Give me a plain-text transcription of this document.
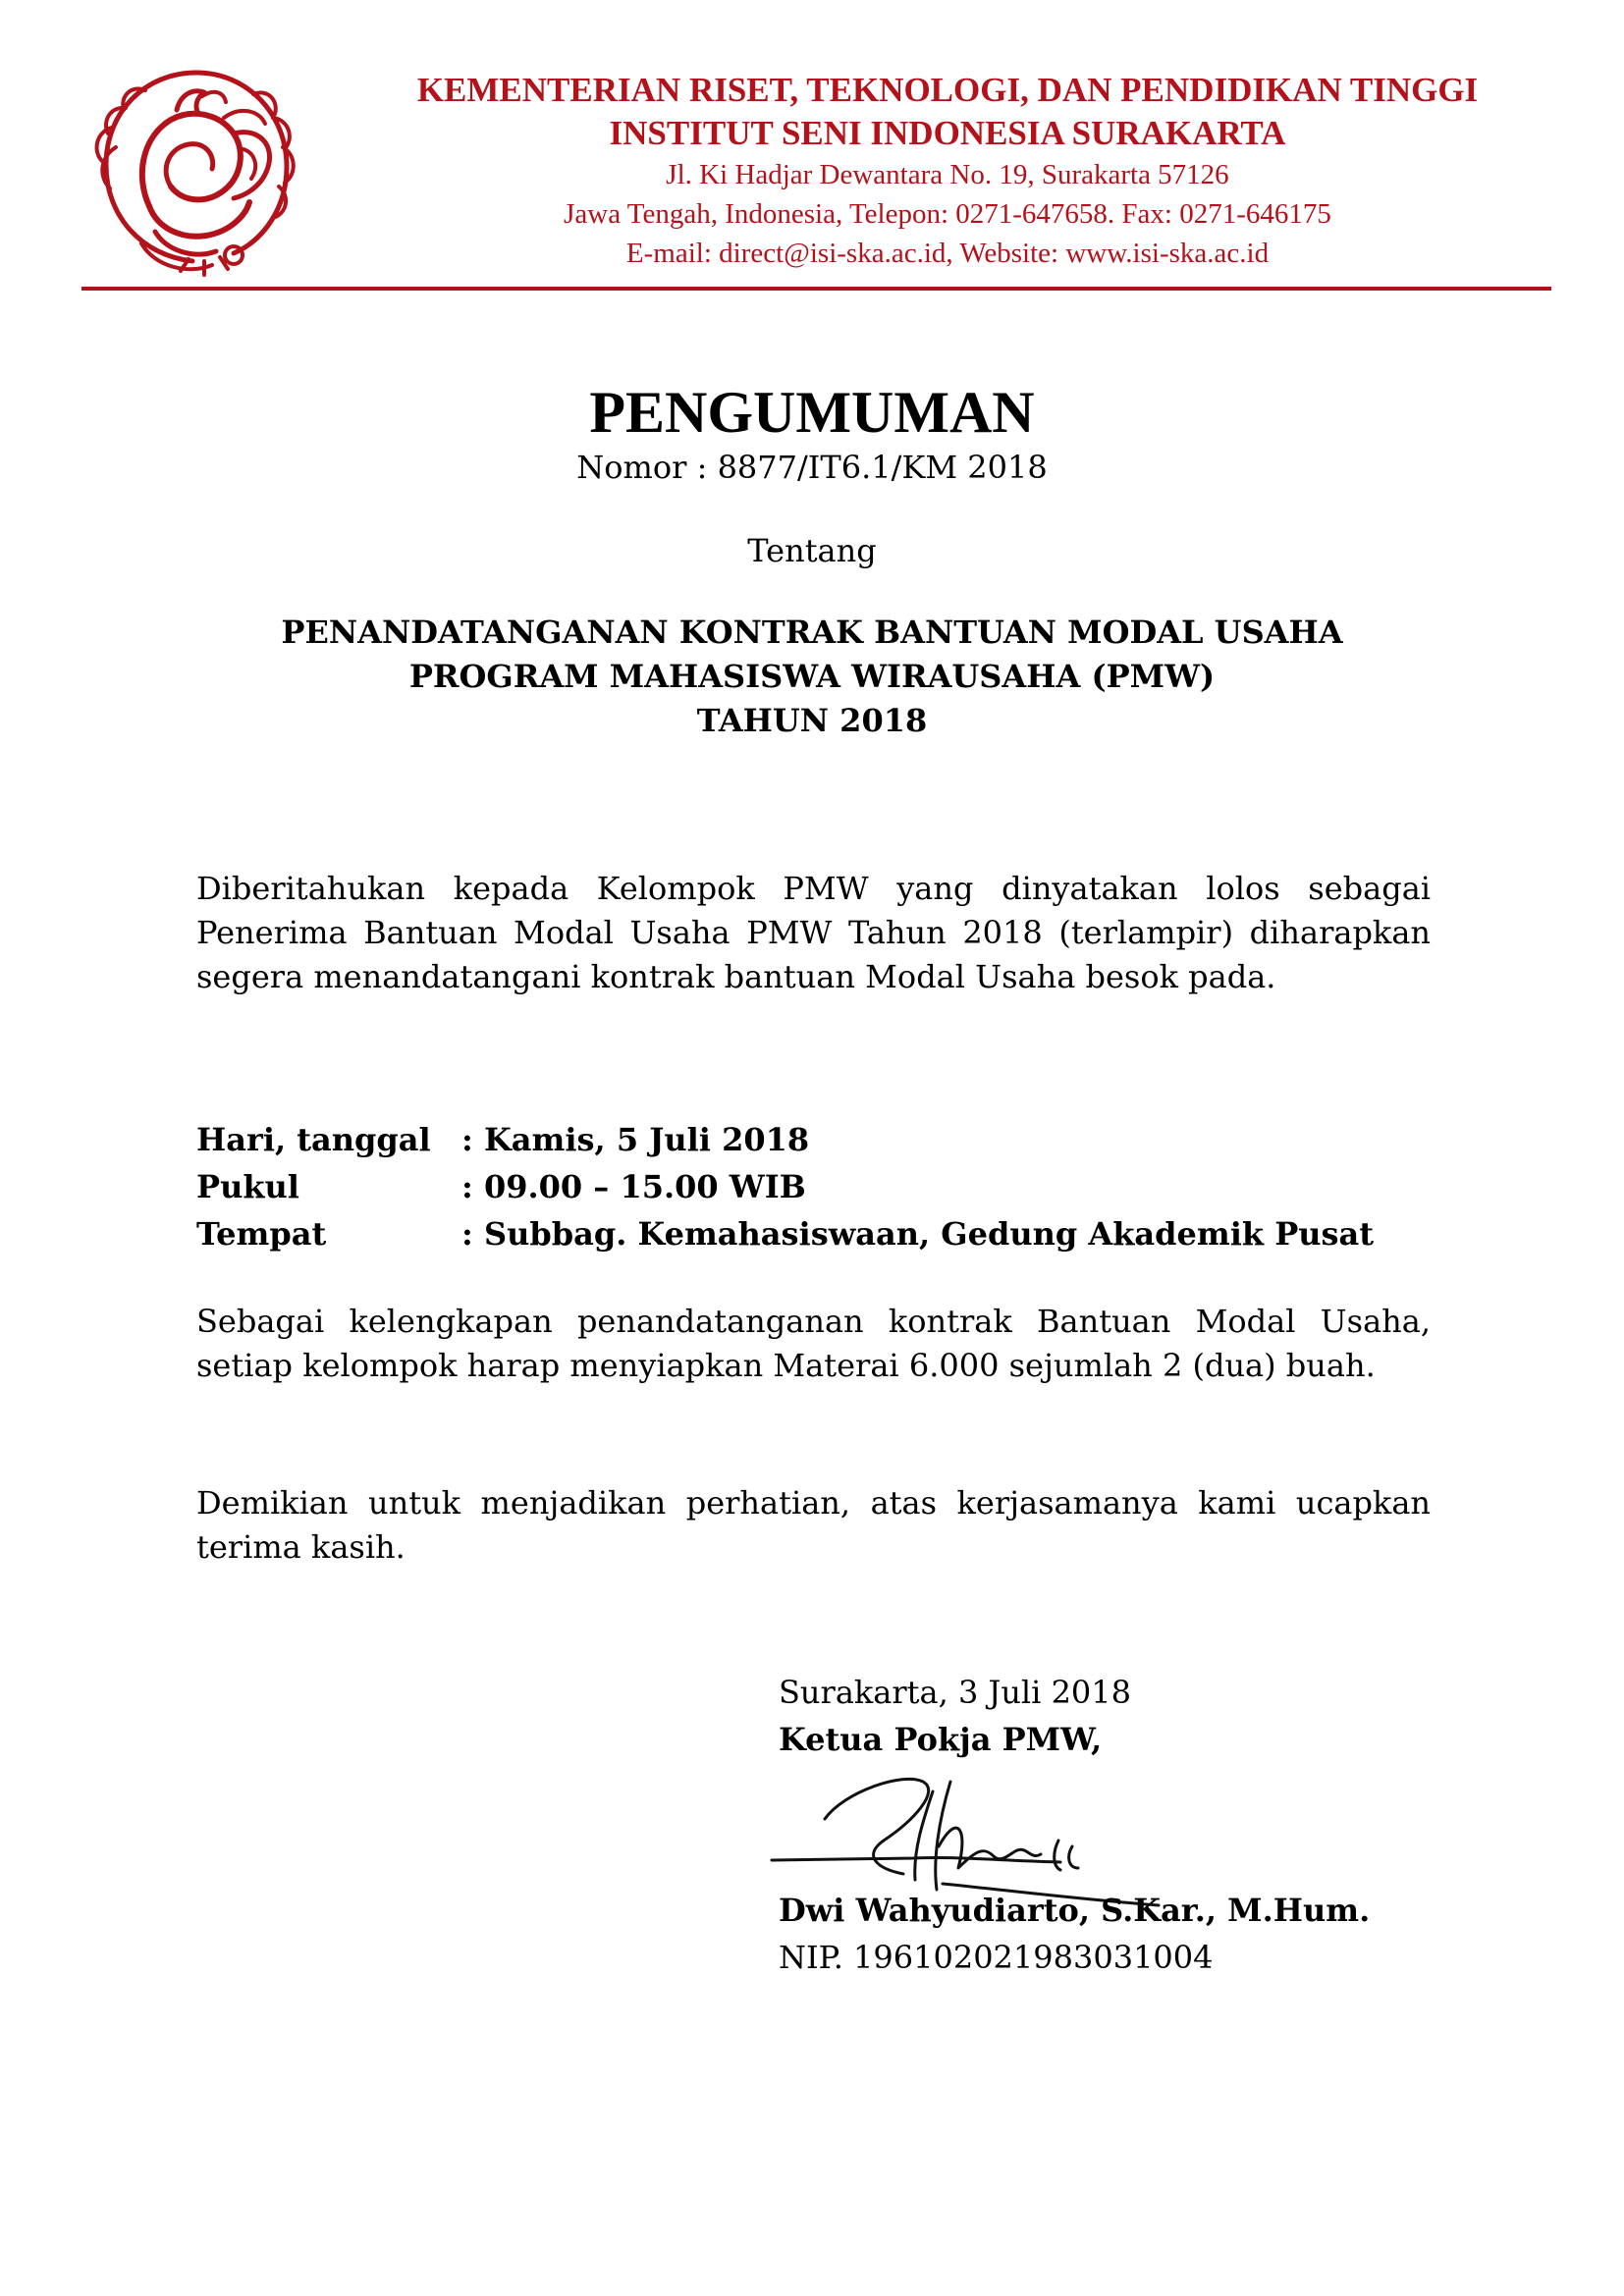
KEMENTERIAN RISET, TEKNOLOGI, DAN PENDIDIKAN TINGGI
INSTITUT SENI INDONESIA SURAKARTA
Jl. Ki Hadjar Dewantara No. 19, Surakarta 57126
Jawa Tengah, Indonesia, Telepon: 0271-647658. Fax: 0271-646175
E-mail: direct@isi-ska.ac.id, Website: www.isi-ska.ac.id
PENGUMUMAN
Nomor : 8877/IT6.1/KM 2018
Tentang
PENANDATANGANAN KONTRAK BANTUAN MODAL USAHA
PROGRAM MAHASISWA WIRAUSAHA (PMW)
TAHUN 2018
Diberitahukan kepada Kelompok PMW yang dinyatakan lolos sebagai Penerima Bantuan Modal Usaha PMW Tahun 2018 (terlampir) diharapkan segera menandatangani kontrak bantuan Modal Usaha besok pada.
Hari, tanggal : Kamis, 5 Juli 2018
Pukul	: 09.00 – 15.00 WIB
Tempat	: Subbag. Kemahasiswaan, Gedung Akademik Pusat
Sebagai kelengkapan penandatanganan kontrak Bantuan Modal Usaha, setiap kelompok harap menyiapkan Materai 6.000 sejumlah 2 (dua) buah.
Demikian untuk menjadikan perhatian, atas kerjasamanya kami ucapkan terima kasih.
Surakarta, 3 Juli 2018
Ketua Pokja PMW,
Dwi Wahyudiarto, S.Kar., M.Hum.
NIP. 196102021983031004
